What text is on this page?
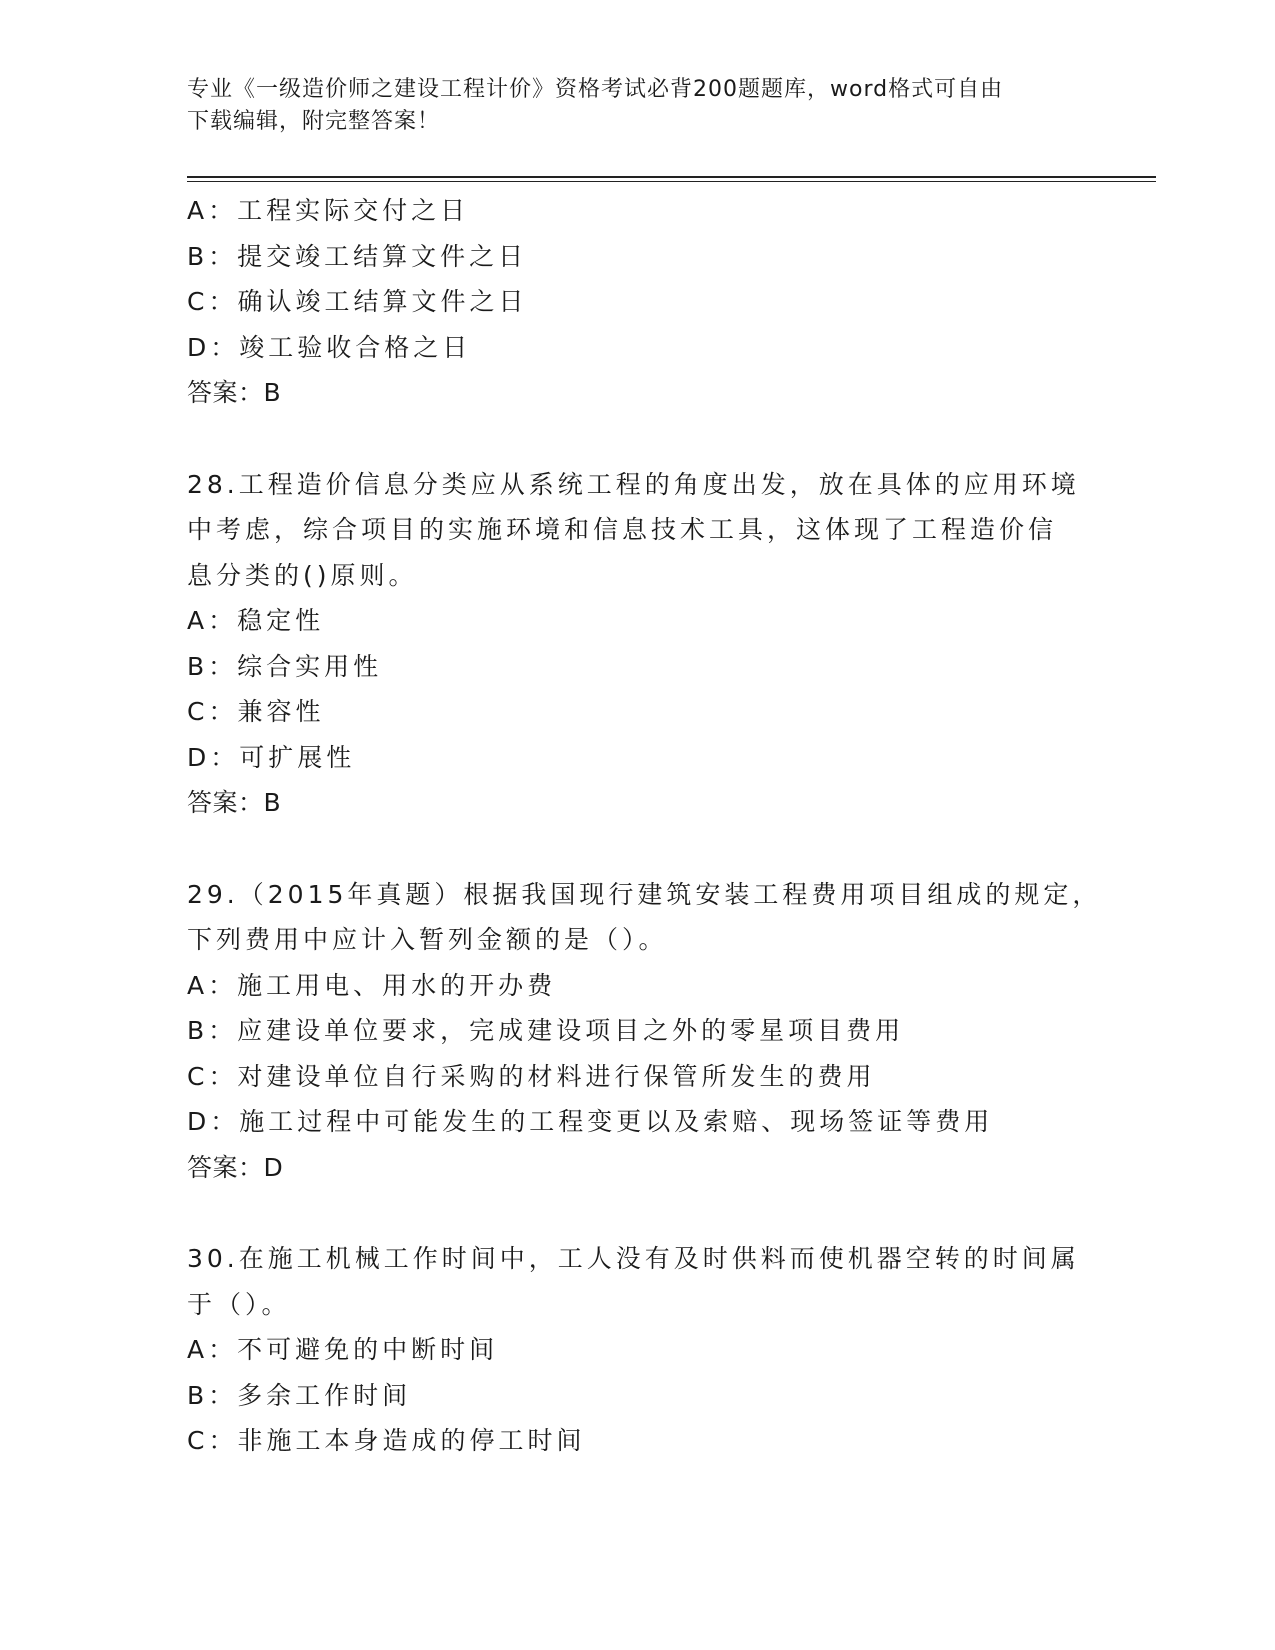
专业《一级造价师之建设工程计价》资格考试必背200题题库，word格式可自由
下载编辑，附完整答案！
A：工程实际交付之日
B：提交竣工结算文件之日
C：确认竣工结算文件之日
D：竣工验收合格之日
答案：B
28.工程造价信息分类应从系统工程的角度出发，放在具体的应用环境
中考虑，综合项目的实施环境和信息技术工具，这体现了工程造价信
息分类的()原则。
A：稳定性
B：综合实用性
C：兼容性
D：可扩展性
答案：B
29.（2015年真题）根据我国现行建筑安装工程费用项目组成的规定，
下列费用中应计入暂列金额的是（）。
A：施工用电、用水的开办费
B：应建设单位要求，完成建设项目之外的零星项目费用
C：对建设单位自行采购的材料进行保管所发生的费用
D：施工过程中可能发生的工程变更以及索赔、现场签证等费用
答案：D
30.在施工机械工作时间中，工人没有及时供料而使机器空转的时间属
于（）。
A：不可避免的中断时间
B：多余工作时间
C：非施工本身造成的停工时间
